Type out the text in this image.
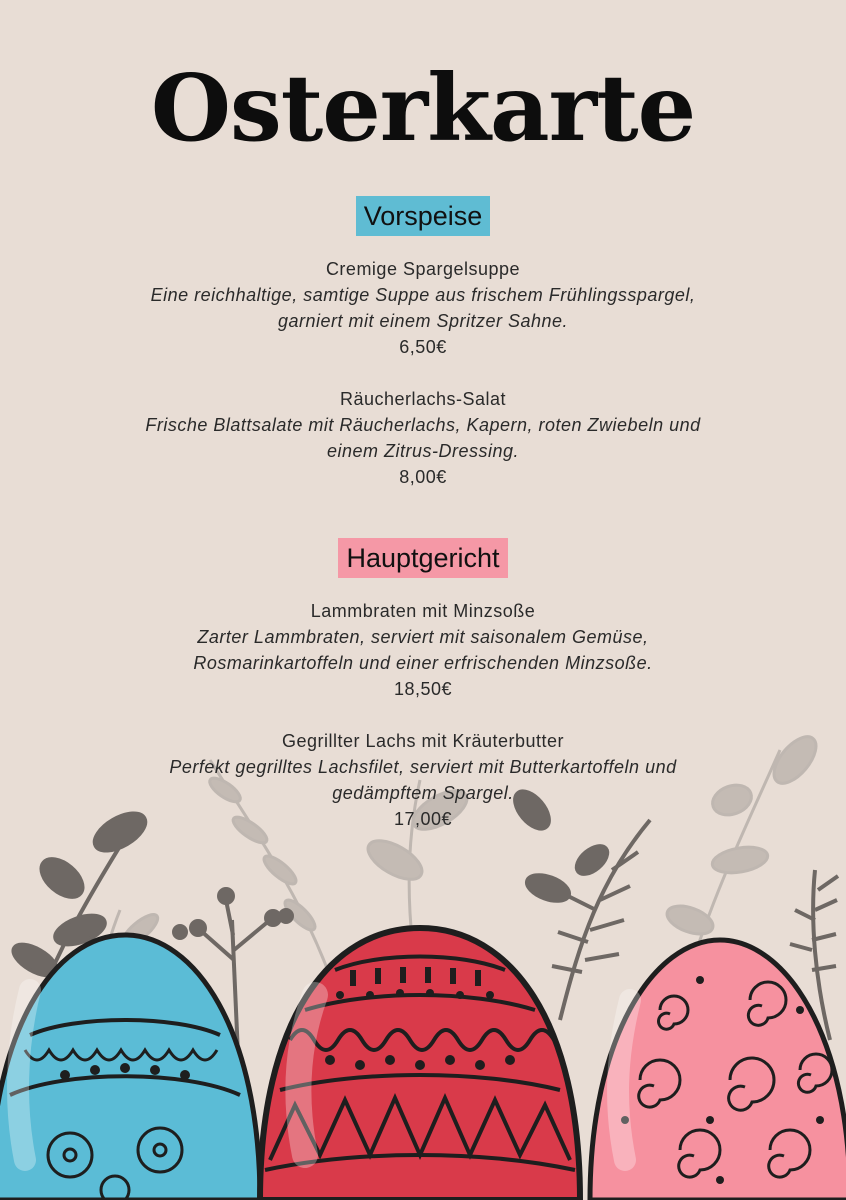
Osterkarte
Vorspeise
Cremige Spargelsuppe
Eine reichhaltige, samtige Suppe aus frischem Frühlingsspargel, garniert mit einem Spritzer Sahne.
6,50€
Räucherlachs-Salat
Frische Blattsalate mit Räucherlachs, Kapern, roten Zwiebeln und einem Zitrus-Dressing.
8,00€
Hauptgericht
Lammbraten mit Minzsoße
Zarter Lammbraten, serviert mit saisonalem Gemüse, Rosmarinkartoffeln und einer erfrischenden Minzsoße.
18,50€
Gegrillter Lachs mit Kräuterbutter
Perfekt gegrilltes Lachsfilet, serviert mit Butterkartoffeln und gedämpftem Spargel.
17,00€
